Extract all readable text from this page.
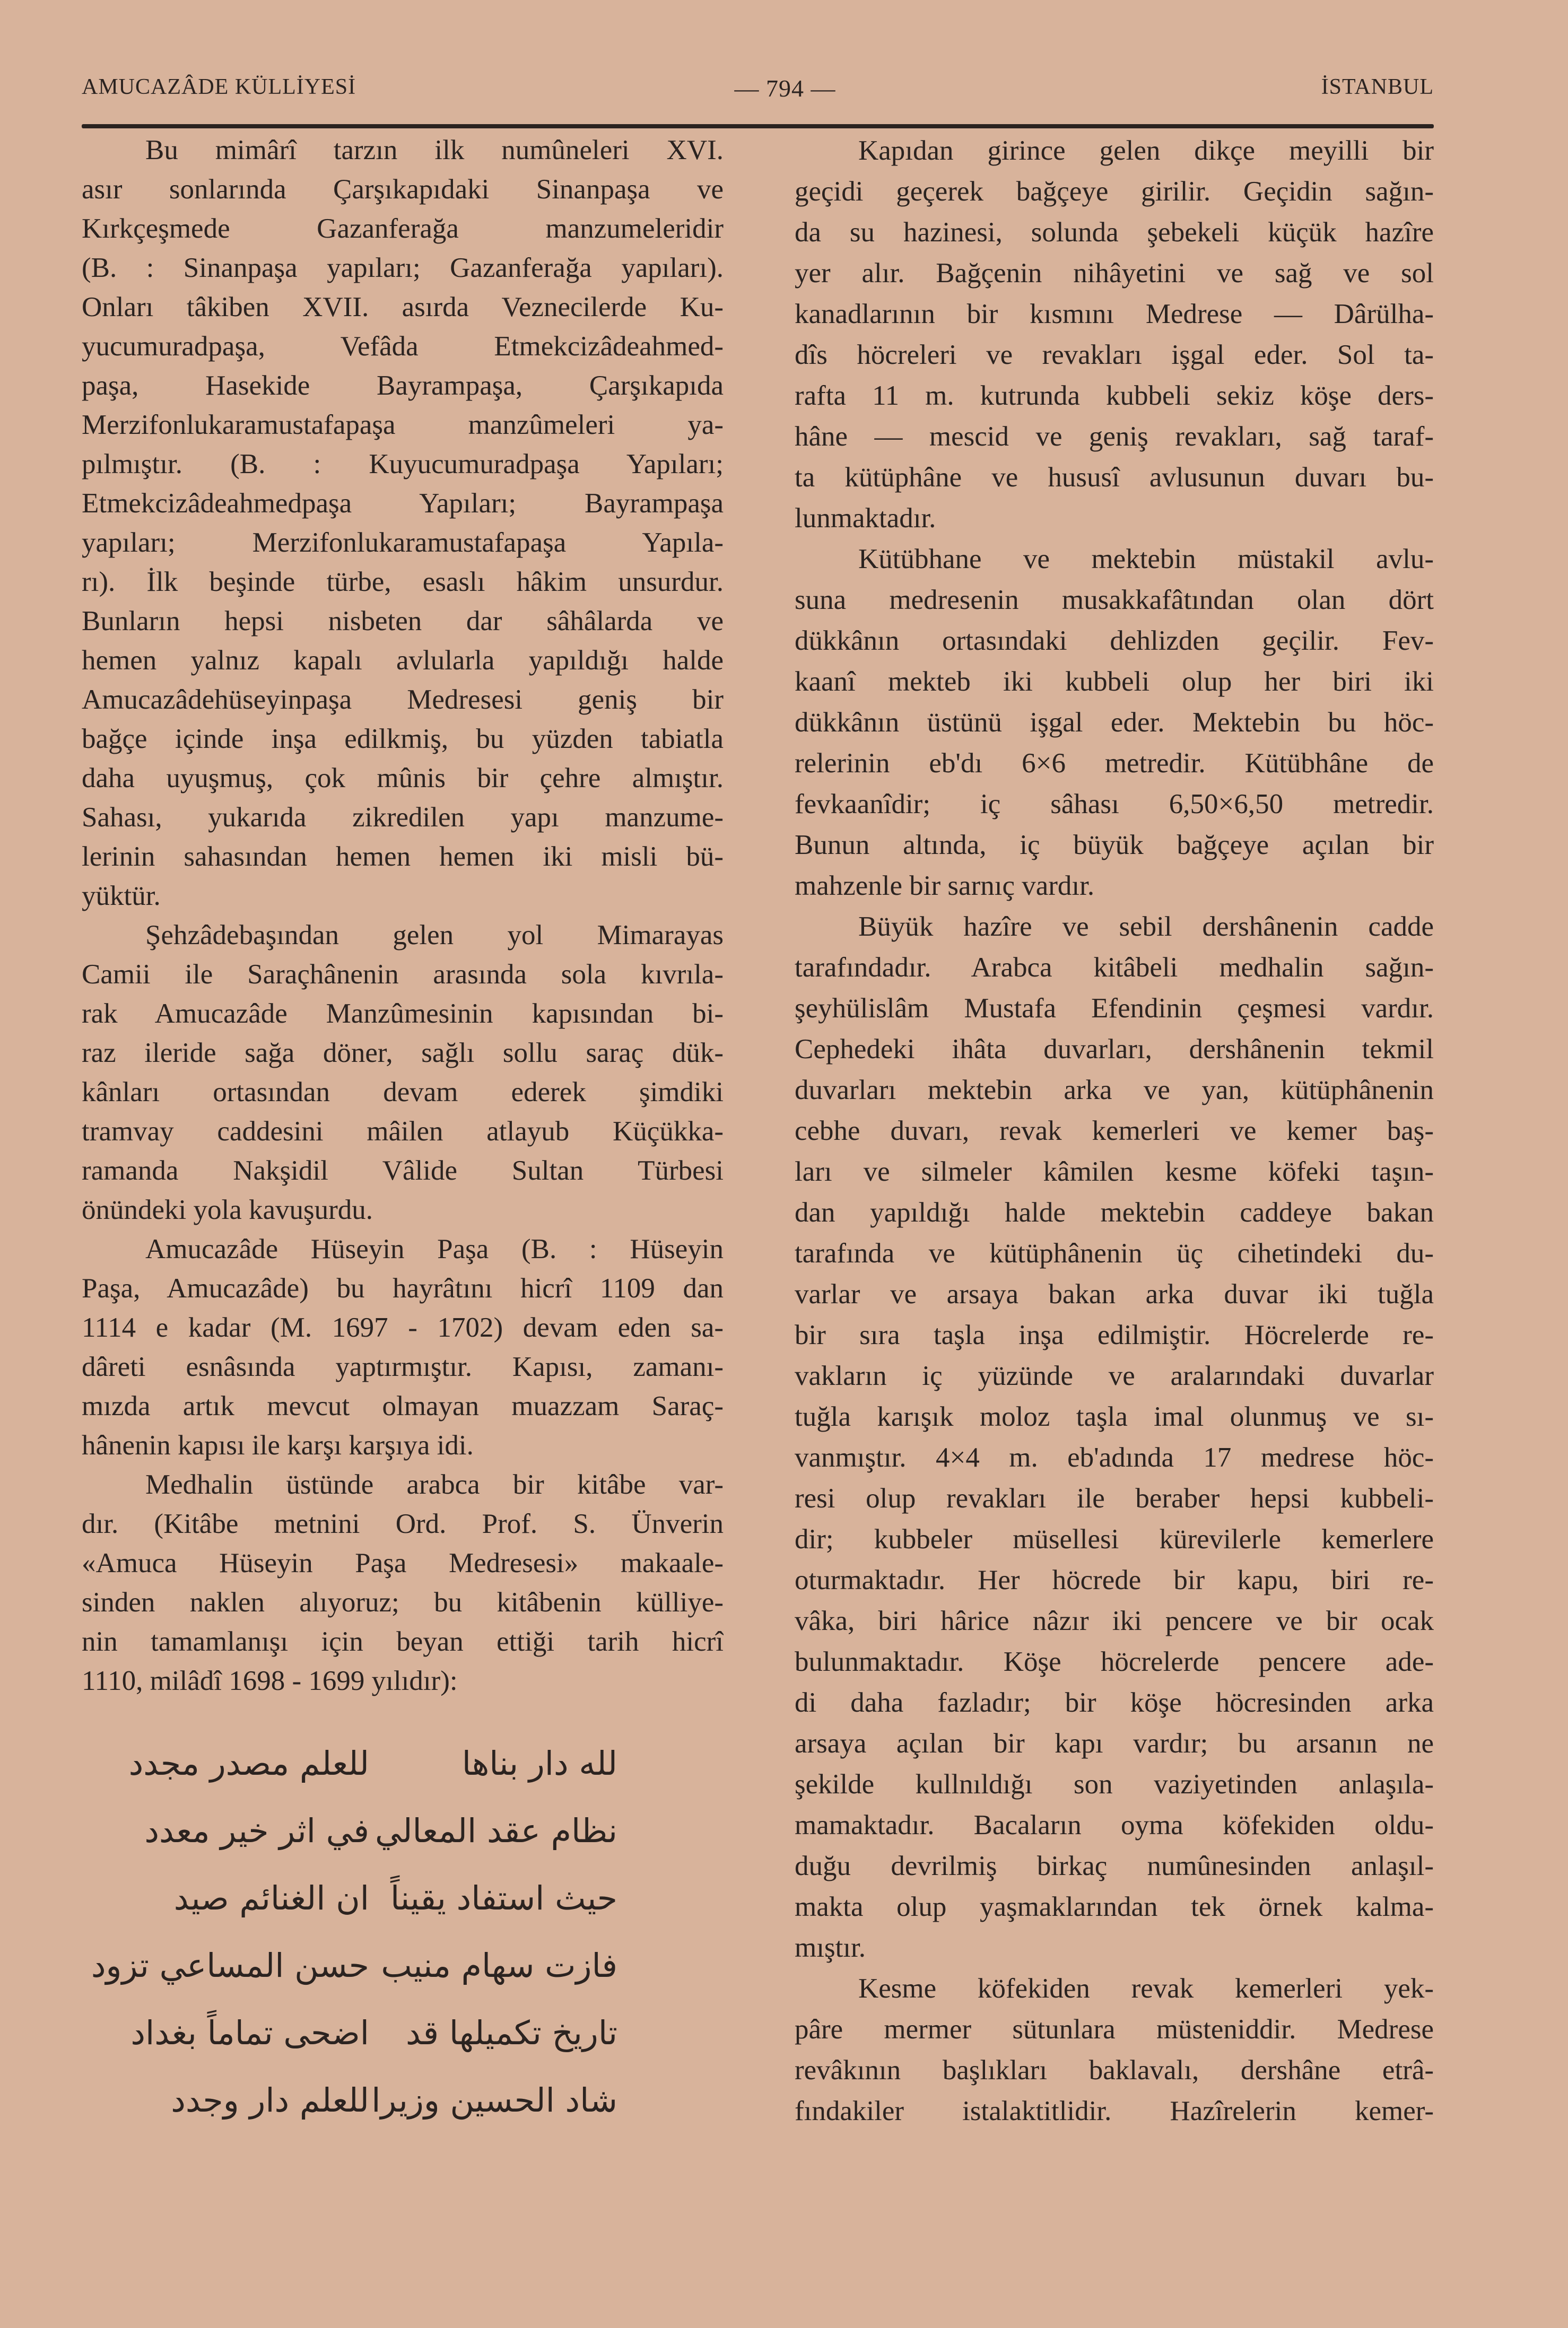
AMUCAZÂDE KÜLLİYESİ	— 794 —	İSTANBUL
Bu mimârî tarzın ilk numûneleri XVI.
asır sonlarında Çarşıkapıdaki Sinanpaşa ve
Kırkçeşmede Gazanferağa manzumeleridir
(B. : Sinanpaşa yapıları; Gazanferağa yapıları).
Onları tâkiben XVII. asırda Veznecilerde Ku-
yucumuradpaşa, Vefâda Etmekcizâdeahmed-
paşa, Hasekide Bayrampaşa, Çarşıkapıda
Merzifonlukaramustafapaşa manzûmeleri ya-
pılmıştır. (B. : Kuyucumuradpaşa Yapıları;
Etmekcizâdeahmedpaşa Yapıları; Bayrampaşa
yapıları; Merzifonlukaramustafapaşa Yapıla-
rı). İlk beşinde türbe, esaslı hâkim unsurdur.
Bunların hepsi nisbeten dar sâhâlarda ve
hemen yalnız kapalı avlularla yapıldığı halde
Amucazâdehüseyinpaşa Medresesi geniş bir
bağçe içinde inşa edilkmiş, bu yüzden tabiatla
daha uyuşmuş, çok mûnis bir çehre almıştır.
Sahası, yukarıda zikredilen yapı manzume-
lerinin sahasından hemen hemen iki misli bü-
yüktür.
Şehzâdebaşından gelen yol Mimarayas
Camii ile Saraçhânenin arasında sola kıvrıla-
rak Amucazâde Manzûmesinin kapısından bi-
raz ileride sağa döner, sağlı sollu saraç dük-
kânları ortasından devam ederek şimdiki
tramvay caddesini mâilen atlayub Küçükka-
ramanda Nakşidil Vâlide Sultan Türbesi
önündeki yola kavuşurdu.
Amucazâde Hüseyin Paşa (B. : Hüseyin
Paşa, Amucazâde) bu hayrâtını hicrî 1109 dan
1114 e kadar (M. 1697 - 1702) devam eden sa-
dâreti esnâsında yaptırmıştır. Kapısı, zamanı-
mızda artık mevcut olmayan muazzam Saraç-
hânenin kapısı ile karşı karşıya idi.
Medhalin üstünde arabca bir kitâbe var-
dır. (Kitâbe metnini Ord. Prof. S. Ünverin
«Amuca Hüseyin Paşa Medresesi» makaale-
sinden naklen alıyoruz; bu kitâbenin külliye-
nin tamamlanışı için beyan ettiği tarih hicrî
1110, milâdî 1698 - 1699 yılıdır):
لله دار بناها
للعلم مصدر مجدد
نظام عقد المعالي
في اثر خير معدد
حيث استفاد يقيناً
ان الغنائم صيد
فازت سهام منيب
حسن المساعي تزود
تاريخ تكميلها قد
اضحى تماماً بغداد
شاد الحسين وزيرا
للعلم دار وجدد
Kapıdan girince gelen dikçe meyilli bir
geçidi geçerek bağçeye girilir. Geçidin sağın-
da su hazinesi, solunda şebekeli küçük hazîre
yer alır. Bağçenin nihâyetini ve sağ ve sol
kanadlarının bir kısmını Medrese — Dârülha-
dîs höcreleri ve revakları işgal eder. Sol ta-
rafta 11 m. kutrunda kubbeli sekiz köşe ders-
hâne — mescid ve geniş revakları, sağ taraf-
ta kütüphâne ve hususî avlusunun duvarı bu-
lunmaktadır.
Kütübhane ve mektebin müstakil avlu-
suna medresenin musakkafâtından olan dört
dükkânın ortasındaki dehlizden geçilir. Fev-
kaanî mekteb iki kubbeli olup her biri iki
dükkânın üstünü işgal eder. Mektebin bu höc-
relerinin eb'dı 6×6 metredir. Kütübhâne de
fevkaanîdir; iç sâhası 6,50×6,50 metredir.
Bunun altında, iç büyük bağçeye açılan bir
mahzenle bir sarnıç vardır.
Büyük hazîre ve sebil dershânenin cadde
tarafındadır. Arabca kitâbeli medhalin sağın-
şeyhülislâm Mustafa Efendinin çeşmesi vardır.
Cephedeki ihâta duvarları, dershânenin tekmil
duvarları mektebin arka ve yan, kütüphânenin
cebhe duvarı, revak kemerleri ve kemer baş-
ları ve silmeler kâmilen kesme köfeki taşın-
dan yapıldığı halde mektebin caddeye bakan
tarafında ve kütüphânenin üç cihetindeki du-
varlar ve arsaya bakan arka duvar iki tuğla
bir sıra taşla inşa edilmiştir. Höcrelerde re-
vakların iç yüzünde ve aralarındaki duvarlar
tuğla karışık moloz taşla imal olunmuş ve sı-
vanmıştır. 4×4 m. eb'adında 17 medrese höc-
resi olup revakları ile beraber hepsi kubbeli-
dir; kubbeler müsellesi kürevilerle kemerlere
oturmaktadır. Her höcrede bir kapu, biri re-
vâka, biri hârice nâzır iki pencere ve bir ocak
bulunmaktadır. Köşe höcrelerde pencere ade-
di daha fazladır; bir köşe höcresinden arka
arsaya açılan bir kapı vardır; bu arsanın ne
şekilde kullnıldığı son vaziyetinden anlaşıla-
mamaktadır. Bacaların oyma köfekiden oldu-
duğu devrilmiş birkaç numûnesinden anlaşıl-
makta olup yaşmaklarından tek örnek kalma-
mıştır.
Kesme köfekiden revak kemerleri yek-
pâre mermer sütunlara müsteniddir. Medrese
revâkının başlıkları baklavalı, dershâne etrâ-
fındakiler istalaktitlidir. Hazîrelerin kemer-
